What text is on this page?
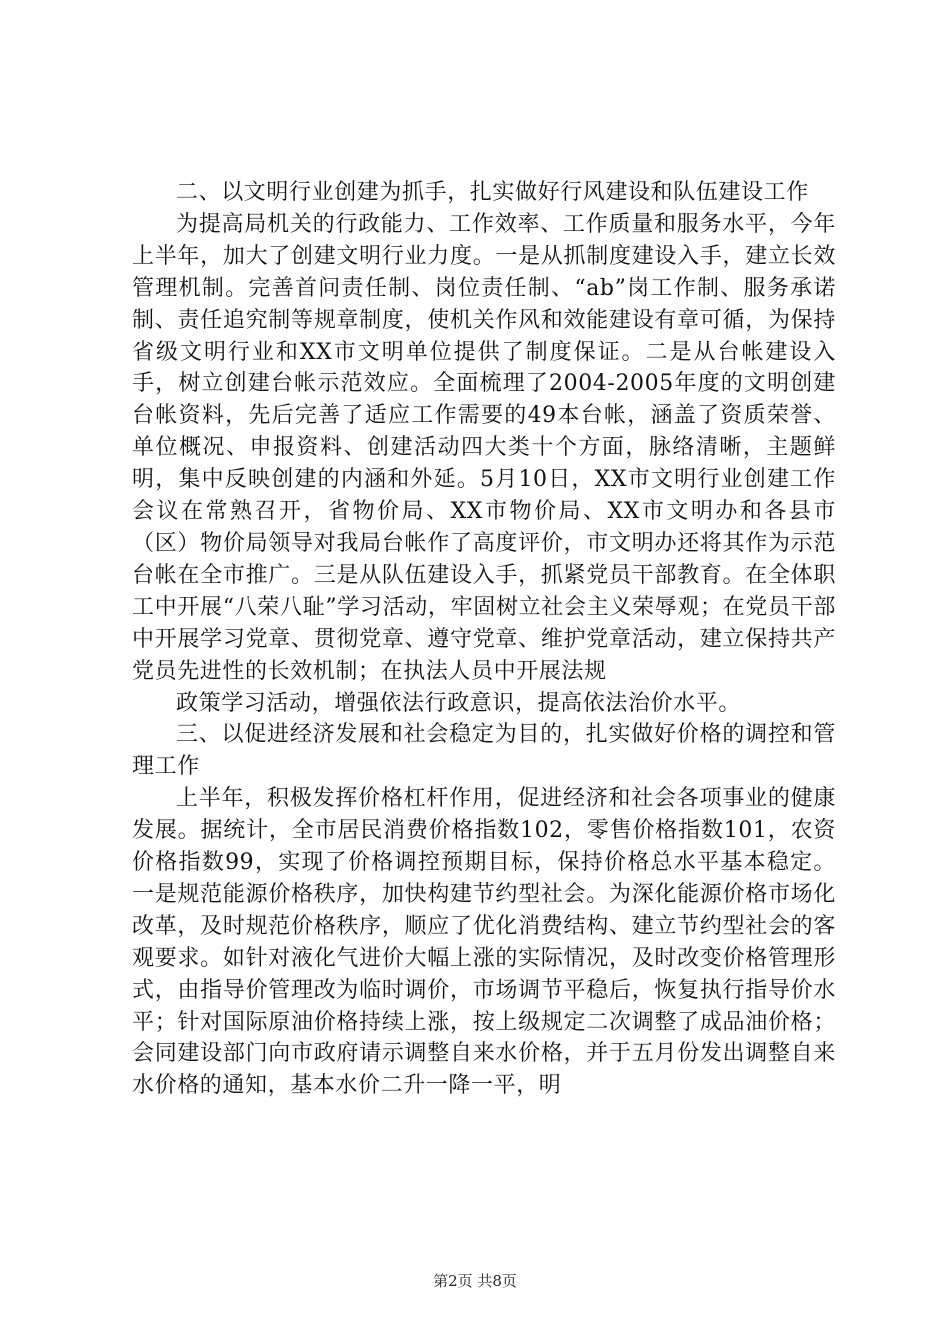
二、以文明行业创建为抓手，扎实做好行风建设和队伍建设工作

为提高局机关的行政能力、工作效率、工作质量和服务水平，今年上半年，加大了创建文明行业力度。一是从抓制度建设入手，建立长效管理机制。完善首问责任制、岗位责任制、“ab”岗工作制、服务承诺制、责任追究制等规章制度，使机关作风和效能建设有章可循，为保持省级文明行业和XX市文明单位提供了制度保证。二是从台帐建设入手，树立创建台帐示范效应。全面梳理了2004-2005年度的文明创建台帐资料，先后完善了适应工作需要的49本台帐，涵盖了资质荣誉、单位概况、申报资料、创建活动四大类十个方面，脉络清晰，主题鲜明，集中反映创建的内涵和外延。5月10日，XX市文明行业创建工作会议在常熟召开，省物价局、XX市物价局、XX市文明办和各县市（区）物价局领导对我局台帐作了高度评价，市文明办还将其作为示范台帐在全市推广。三是从队伍建设入手，抓紧党员干部教育。在全体职工中开展“八荣八耻”学习活动，牢固树立社会主义荣辱观；在党员干部中开展学习党章、贯彻党章、遵守党章、维护党章活动，建立保持共产党员先进性的长效机制；在执法人员中开展法规

政策学习活动，增强依法行政意识，提高依法治价水平。

三、以促进经济发展和社会稳定为目的，扎实做好价格的调控和管理工作

上半年，积极发挥价格杠杆作用，促进经济和社会各项事业的健康发展。据统计，全市居民消费价格指数102，零售价格指数101，农资价格指数99，实现了价格调控预期目标，保持价格总水平基本稳定。一是规范能源价格秩序，加快构建节约型社会。为深化能源价格市场化改革，及时规范价格秩序，顺应了优化消费结构、建立节约型社会的客观要求。如针对液化气进价大幅上涨的实际情况，及时改变价格管理形式，由指导价管理改为临时调价，市场调节平稳后，恢复执行指导价水平；针对国际原油价格持续上涨，按上级规定二次调整了成品油价格；会同建设部门向市政府请示调整自来水价格，并于五月份发出调整自来水价格的通知，基本水价二升一降一平，明

第2页 共8页
